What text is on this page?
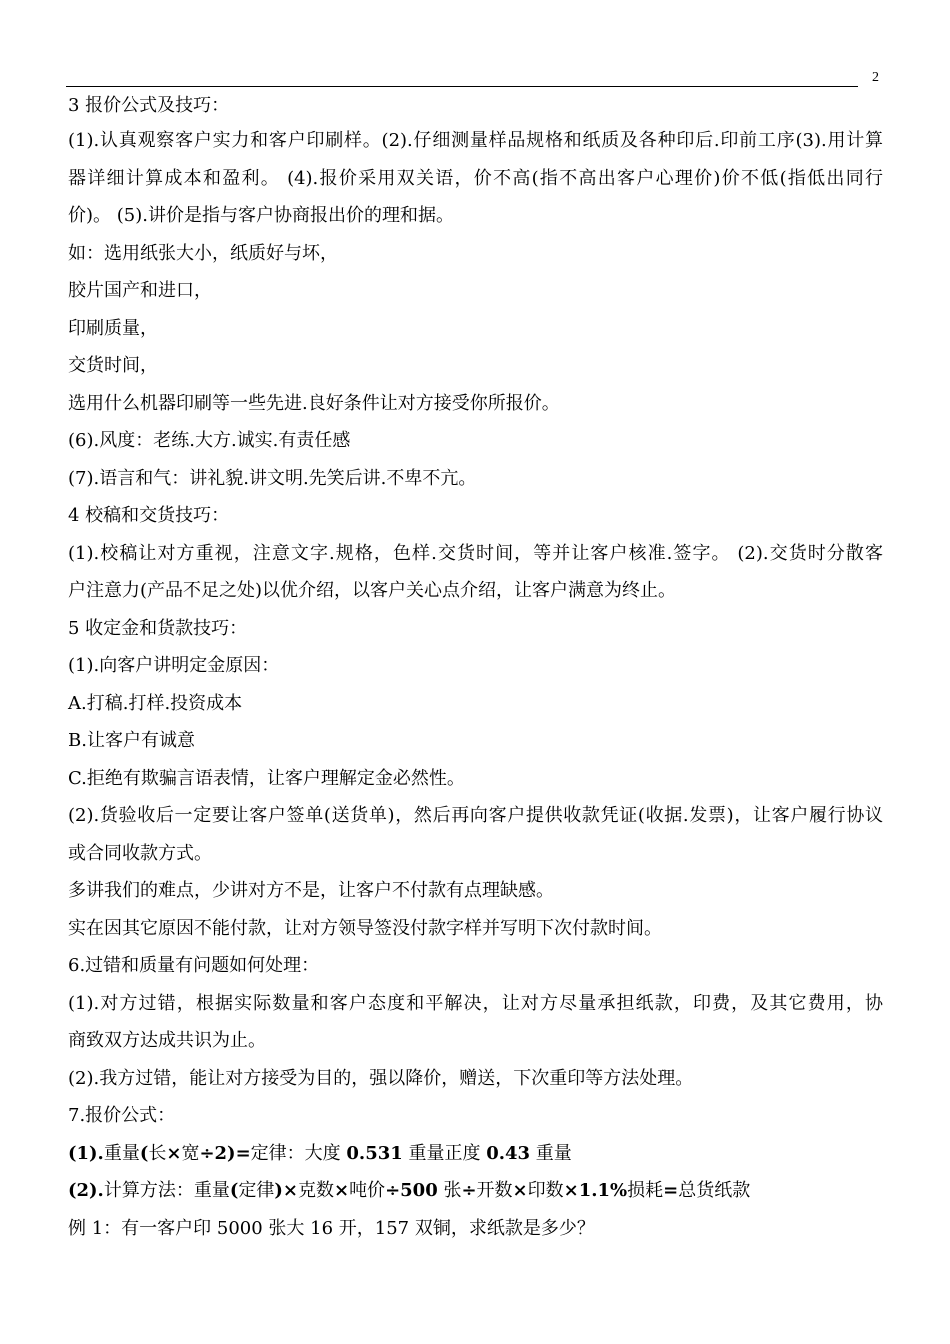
2
3 报价公式及技巧：
(1).认真观察客户实力和客户印刷样。(2).仔细测量样品规格和纸质及各种印后.印前工序(3).用计算
器详细计算成本和盈利。 (4).报价采用双关语，价不高(指不高出客户心理价)价不低(指低出同行
价)。 (5).讲价是指与客户协商报出价的理和据。
如：选用纸张大小，纸质好与坏，
胶片国产和进口，
印刷质量，
交货时间，
选用什么机器印刷等一些先进.良好条件让对方接受你所报价。
(6).风度：老练.大方.诚实.有责任感
(7).语言和气：讲礼貌.讲文明.先笑后讲.不卑不亢。
4 校稿和交货技巧：
(1).校稿让对方重视，注意文字.规格，色样.交货时间，等并让客户核准.签字。 (2).交货时分散客
户注意力(产品不足之处)以优介绍，以客户关心点介绍，让客户满意为终止。
5 收定金和货款技巧：
(1).向客户讲明定金原因：
A.打稿.打样.投资成本
B.让客户有诚意
C.拒绝有欺骗言语表情，让客户理解定金必然性。
(2).货验收后一定要让客户签单(送货单)，然后再向客户提供收款凭证(收据.发票)，让客户履行协议
或合同收款方式。
多讲我们的难点，少讲对方不是，让客户不付款有点理缺感。
实在因其它原因不能付款，让对方领导签没付款字样并写明下次付款时间。
6.过错和质量有问题如何处理：
(1).对方过错，根据实际数量和客户态度和平解决，让对方尽量承担纸款，印费，及其它费用，协
商致双方达成共识为止。
(2).我方过错，能让对方接受为目的，强以降价，赠送，下次重印等方法处理。
7.报价公式：
(1).重量(长×宽÷2)=定律：大度 0.531 重量正度 0.43 重量
(2).计算方法：重量(定律)×克数×吨价÷500 张÷开数×印数×1.1%损耗=总货纸款
例 1：有一客户印 5000 张大 16 开，157 双铜，求纸款是多少？
